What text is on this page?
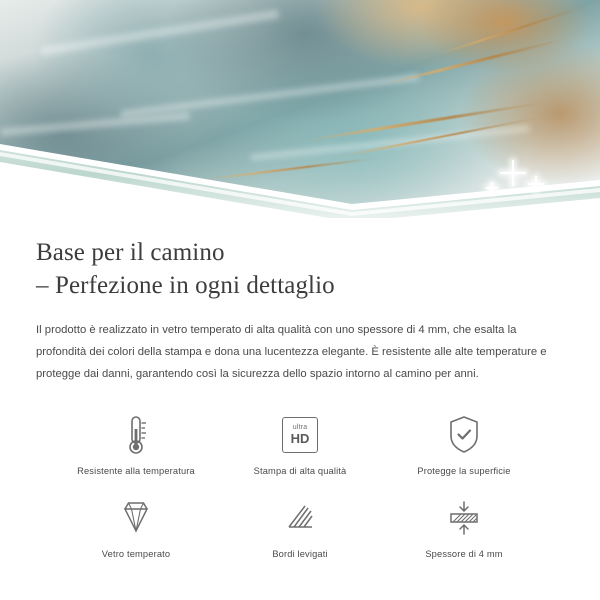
Base per il camino
– Perfezione in ogni dettaglio

Il prodotto è realizzato in vetro temperato di alta qualità con uno spessore di 4 mm, che esalta la profondità dei colori della stampa e dona una lucentezza elegante. È resistente alle alte temperature e protegge dai danni, garantendo così la sicurezza dello spazio intorno al camino per anni.

Resistente alla temperatura
ultra
HD
Stampa di alta qualità	Protegge la superficie
Vetro temperato	Bordi levigati	Spessore di 4 mm
